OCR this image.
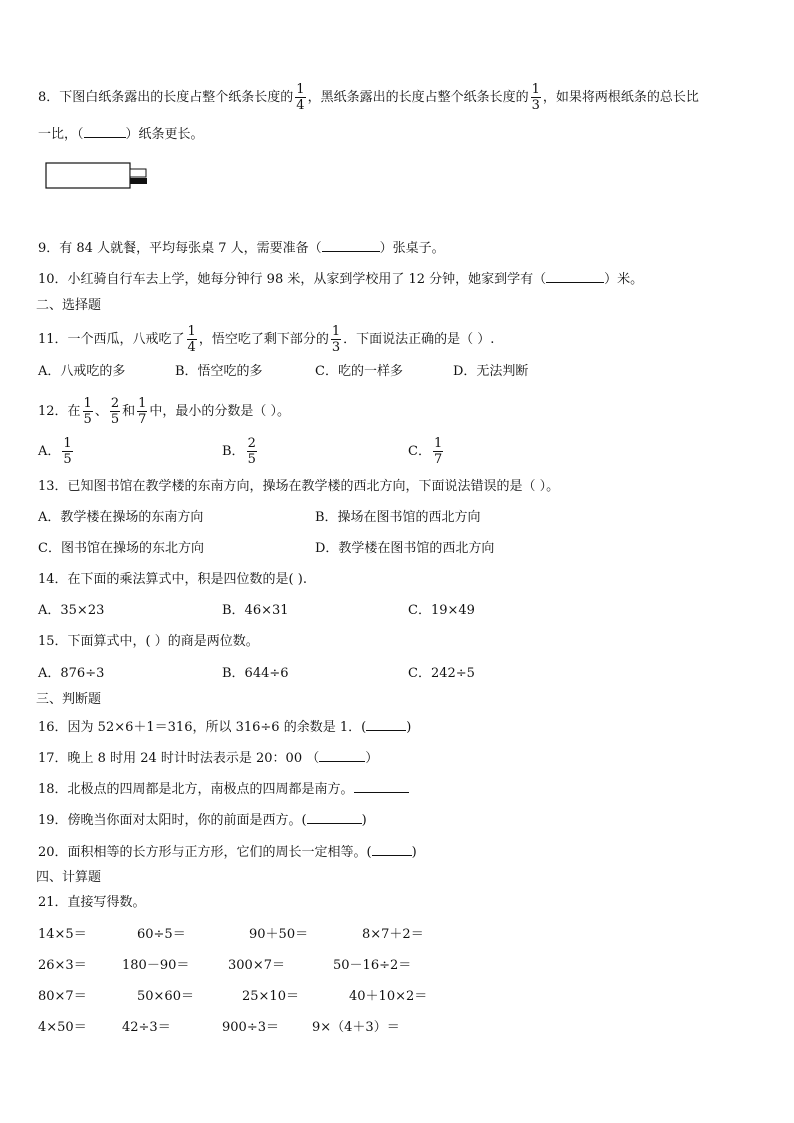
8．下图白纸条露出的长度占整个纸条长度的 $\frac{1}{4}$ ，黑纸条露出的长度占整个纸条长度的 $\frac{1}{3}$ ，如果将两根纸条的总长比
一比，（	）纸条更长。
9．有 84 人就餐，平均每张桌 7 人，需要准备（	）张桌子。
10．小红骑自行车去上学，她每分钟行 98 米，从家到学校用了 12 分钟，她家到学有（	）米。
二、选择题
11．一个西瓜，八戒吃了 $\frac{1}{4}$ ，悟空吃了剩下部分的 $\frac{1}{3}$ ．下面说法正确的是（ ）.
A．八戒吃的多	B．悟空吃的多	C．吃的一样多	D．无法判断
12．在 $\frac{1}{5}$ 、 $\frac{2}{5}$ 和 $\frac{1}{7}$ 中，最小的分数是（ ）。
A． $\frac{1}{5}$	B． $\frac{2}{5}$	C． $\frac{1}{7}$
13．已知图书馆在教学楼的东南方向，操场在教学楼的西北方向，下面说法错误的是（ ）。
A．教学楼在操场的东南方向	B．操场在图书馆的西北方向
C．图书馆在操场的东北方向	D．教学楼在图书馆的西北方向
14．在下面的乘法算式中，积是四位数的是( ).
A．35×23	B．46×31	C．19×49
15．下面算式中，( ）的商是两位数。
A．876÷3	B．644÷6	C．242÷5
三、判断题
16．因为 52×6＋1＝316，所以 316÷6 的余数是 1．(	)
17．晚上 8 时用 24 时计时法表示是 20：00 （	）
18．北极点的四周都是北方，南极点的四周都是南方。
19．傍晚当你面对太阳时，你的前面是西方。(	)
20．面积相等的长方形与正方形，它们的周长一定相等。(	)
四、计算题
21．直接写得数。
14×5＝	60÷5＝	90＋50＝	8×7＋2＝
26×3＝	180－90＝	300×7＝	50－16÷2＝
80×7＝	50×60＝	25×10＝	40＋10×2＝
4×50＝	42÷3＝	900÷3＝	9×（4＋3）＝
